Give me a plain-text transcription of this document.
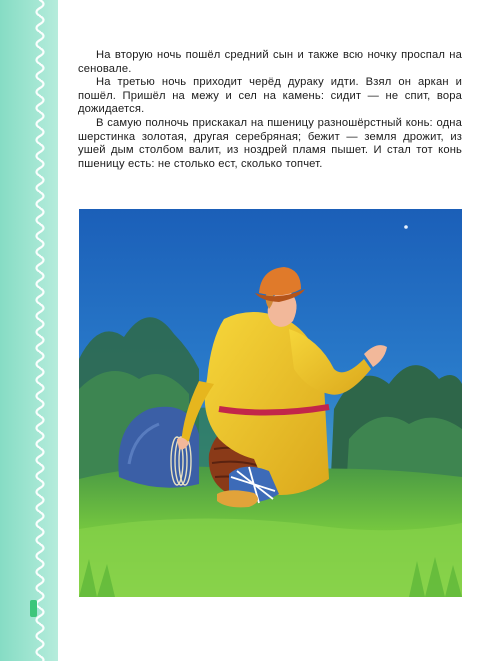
На вторую ночь пошёл средний сын и также всю ночку проспал на сеновале.

На третью ночь приходит черёд дураку идти. Взял он аркан и пошёл. Пришёл на межу и сел на камень: сидит — не спит, вора дожидается.

В самую полночь прискакал на пшеницу разношёрстный конь: одна шерстинка золотая, другая серебряная; бежит — земля дрожит, из ушей дым столбом валит, из ноздрей пламя пышет. И стал тот конь пшеницу есть: не столько ест, сколько топчет.
